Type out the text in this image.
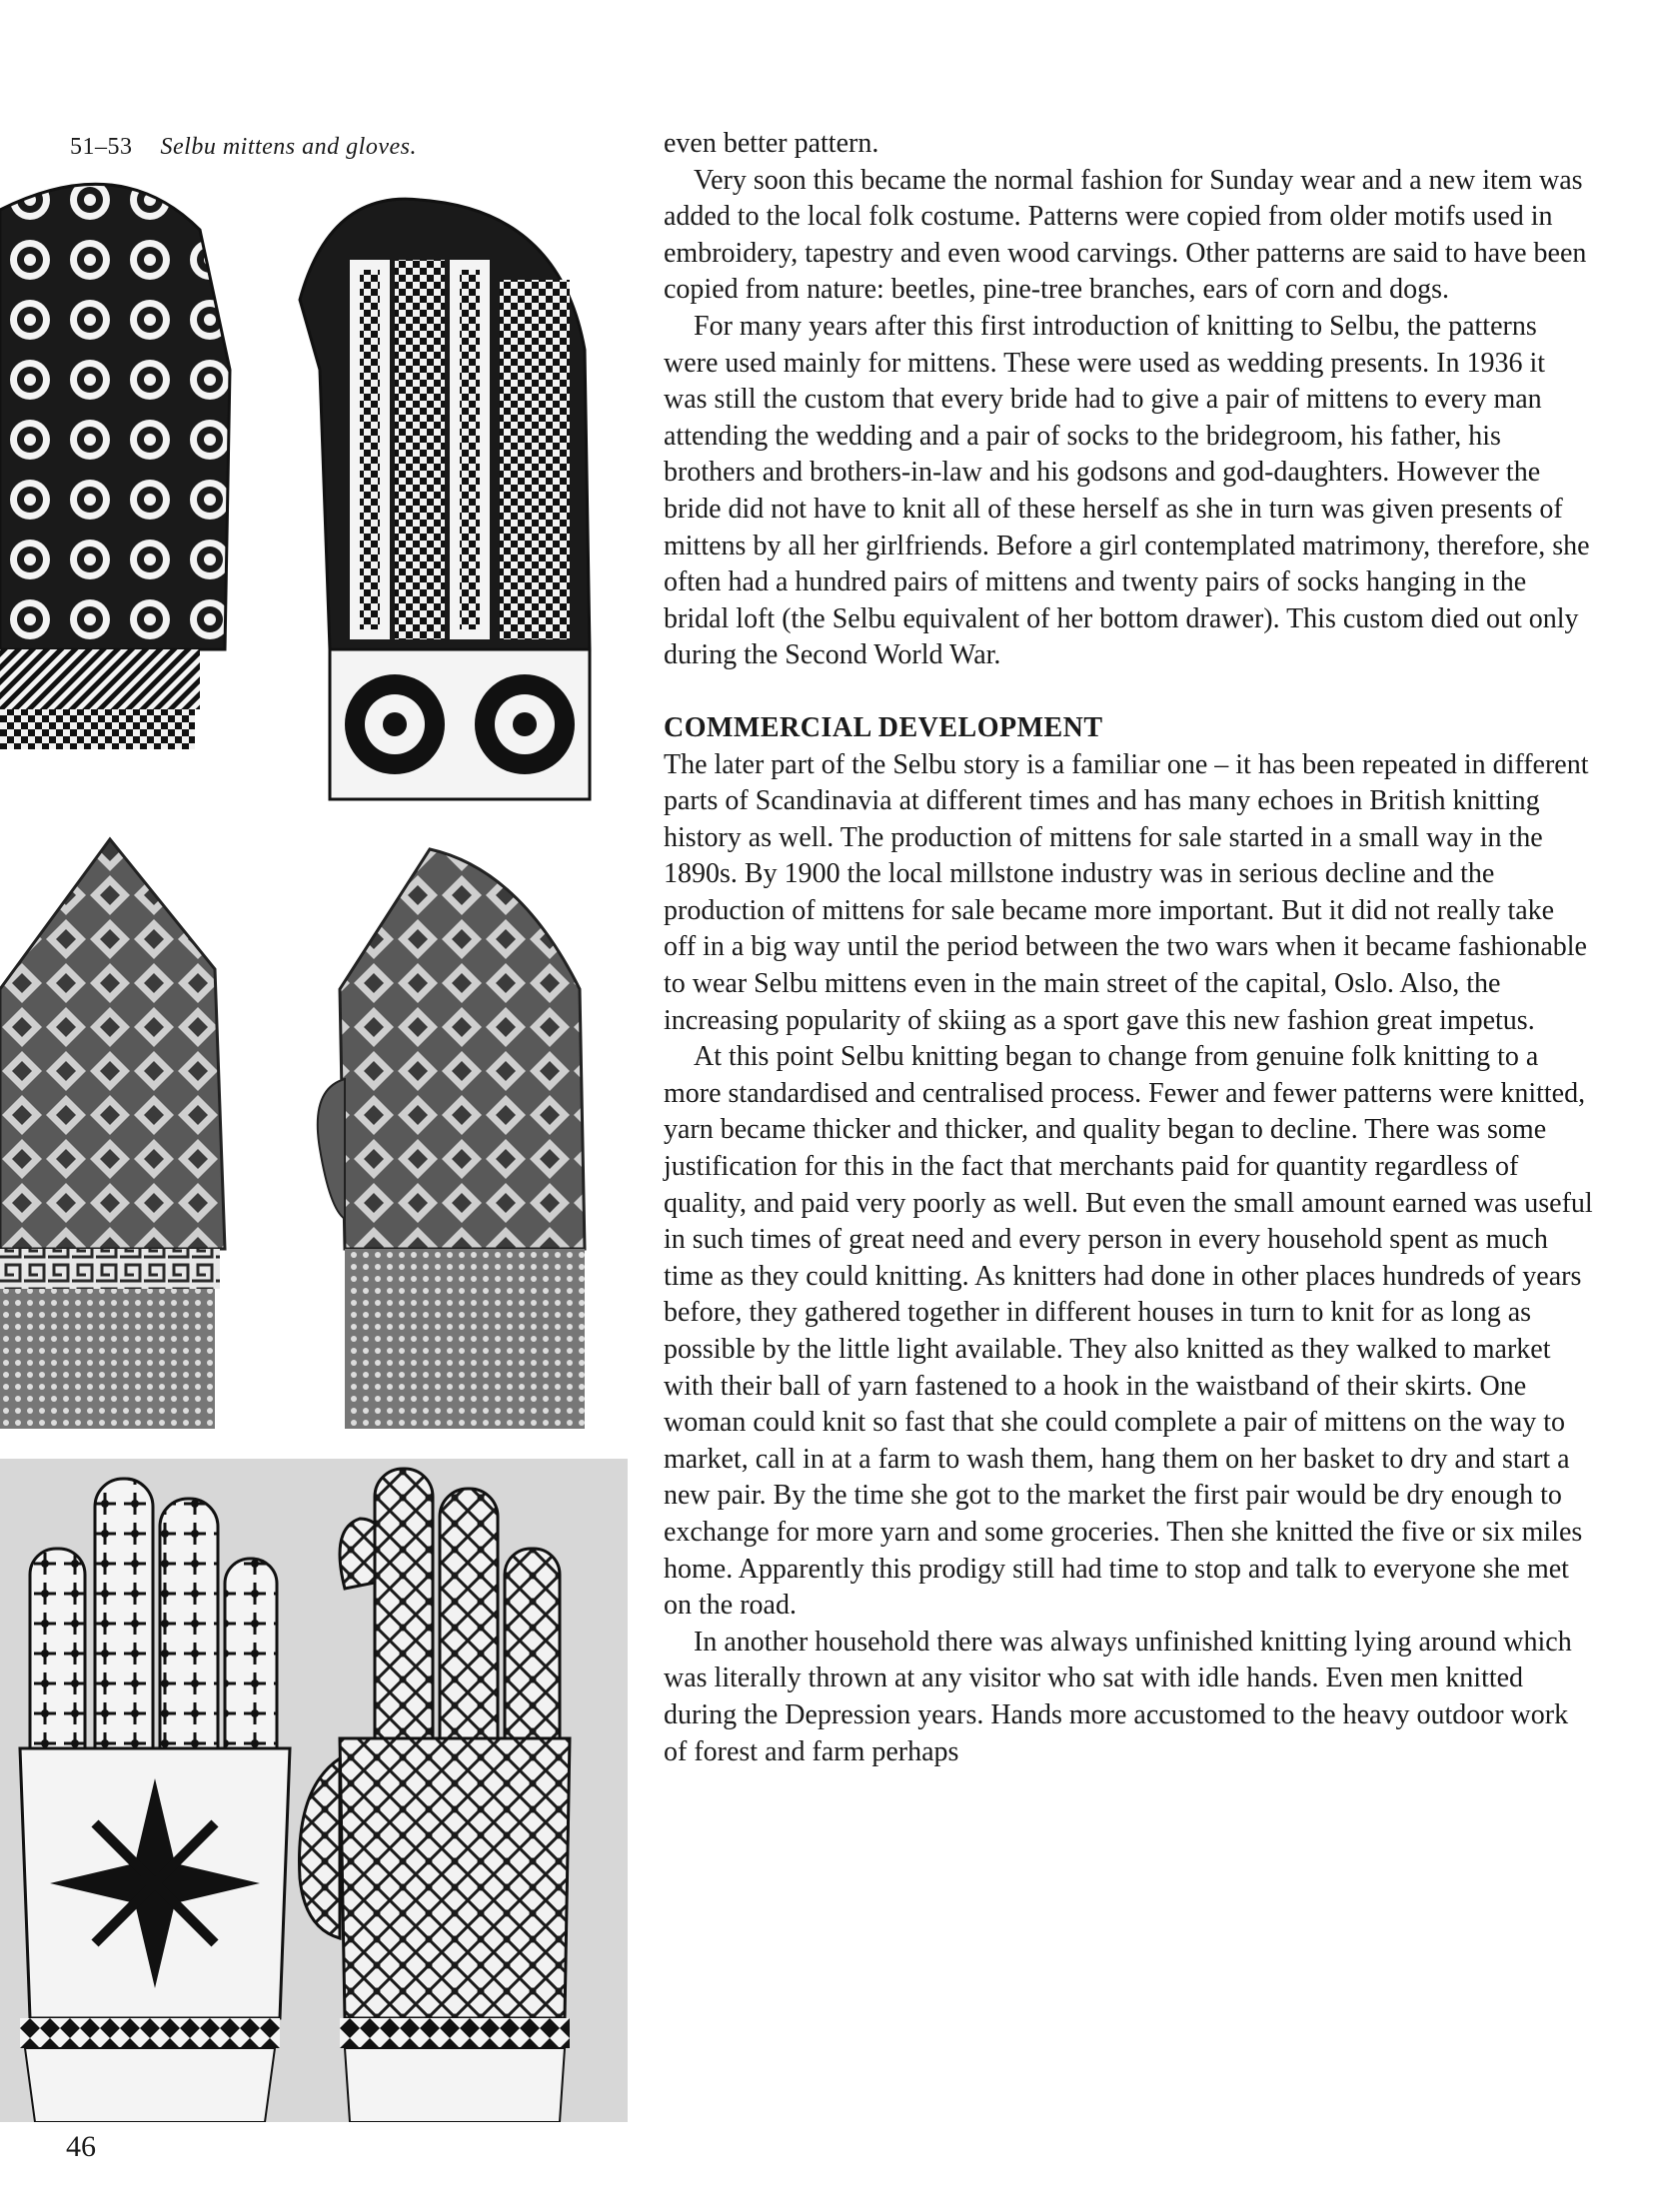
51–53 Selbu mittens and gloves.	even better pattern.

Very soon this became the normal fashion for Sunday wear and a new item was added to the local folk costume. Patterns were copied from older motifs used in embroidery, tapestry and even wood carvings. Other patterns are said to have been copied from nature: beetles, pine-tree branches, ears of corn and dogs.

For many years after this first introduction of knitting to Selbu, the patterns were used mainly for mittens. These were used as wedding presents. In 1936 it was still the custom that every bride had to give a pair of mittens to every man attending the wedding and a pair of socks to the bridegroom, his father, his brothers and brothers-in-law and his godsons and god-daughters. However the bride did not have to knit all of these herself as she in turn was given presents of mittens by all her girlfriends. Before a girl contemplated matrimony, therefore, she often had a hundred pairs of mittens and twenty pairs of socks hanging in the bridal loft (the Selbu equivalent of her bottom drawer). This custom died out only during the Second World War.

COMMERCIAL DEVELOPMENT

The later part of the Selbu story is a familiar one – it has been repeated in different parts of Scandinavia at different times and has many echoes in British knitting history as well. The production of mittens for sale started in a small way in the 1890s. By 1900 the local millstone industry was in serious decline and the production of mittens for sale became more important. But it did not really take off in a big way until the period between the two wars when it became fashionable to wear Selbu mittens even in the main street of the capital, Oslo. Also, the increasing popularity of skiing as a sport gave this new fashion great impetus.

At this point Selbu knitting began to change from genuine folk knitting to a more standardised and centralised process. Fewer and fewer patterns were knitted, yarn became thicker and thicker, and quality began to decline. There was some justification for this in the fact that merchants paid for quantity regardless of quality, and paid very poorly as well. But even the small amount earned was useful in such times of great need and every person in every household spent as much time as they could knitting. As knitters had done in other places hundreds of years before, they gathered together in different houses in turn to knit for as long as possible by the little light available. They also knitted as they walked to market with their ball of yarn fastened to a hook in the waistband of their skirts. One woman could knit so fast that she could complete a pair of mittens on the way to market, call in at a farm to wash them, hang them on her basket to dry and start a new pair. By the time she got to the market the first pair would be dry enough to exchange for more yarn and some groceries. Then she knitted the five or six miles home. Apparently this prodigy still had time to stop and talk to everyone she met on the road.

In another household there was always unfinished knitting lying around which was literally thrown at any visitor who sat with idle hands. Even men knitted during the Depression years. Hands more accustomed to the heavy outdoor work of forest and farm perhaps

46
